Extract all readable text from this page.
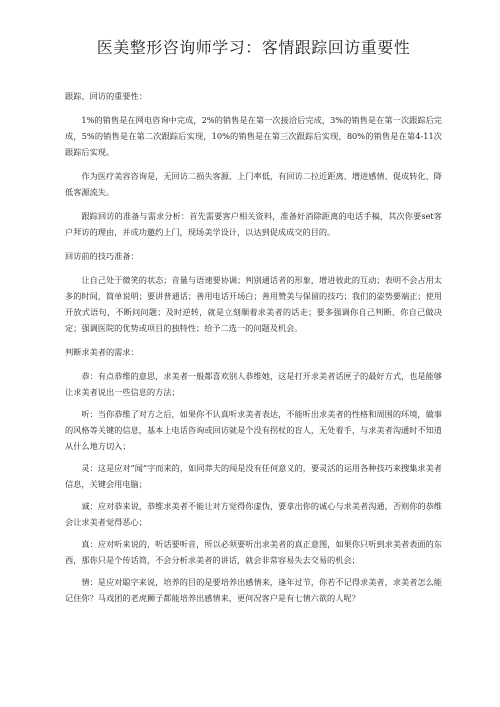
医美整形咨询师学习：客情跟踪回访重要性
跟踪、回访的重要性：

1%的销售是在网电咨询中完成，2%的销售是在第一次接洽后完成，3%的销售是在第一次跟踪后完成，5%的销售是在第二次跟踪后实现，10%的销售是在第三次跟踪后实现，80%的销售是在第4-11次跟踪后实现。

作为医疗美容咨询是，无回访二损失客源、上门率低，有回访二拉近距离、增进感情、促成转化、降低客源流失。

跟踪回访的准备与需求分析：首先需要客户相关资料，准备好消除距离的电话手稿，其次你要set客户拜访的理由，并成功邀约上门，现场美学设计，以达到促成成交的目的。

回访前的技巧准备：

让自己处于微笑的状态；音量与语速要协调；判别通话者的形象，增进彼此的互动；表明不会占用太多的时间，简单说明；要讲普通话；善用电话开场白；善用赞美与保留的技巧；我们的姿势要端正；使用开放式语句，不断问问题；及时逆转，就是立刻顺着求美者的话走；要多强调你自己判断、你自己做决定；强调医院的优势或项目的独特性；给予二选一的问题及机会。

判断求美者的需求：

恭：有点恭维的意思，求美者一般都喜欢别人恭维她，这是打开求美者话匣子的最好方式，也是能够让求美者说出一些信息的方法；

听：当你恭维了对方之后，如果你不认真听求美者表达，不能听出求美者的性格和周围的环境，做事的风格等关键的信息，基本上电话咨询或回访就是个没有拐杖的盲人，无处着手，与求美者沟通时不知道从什么地方切入；

灵：这是应对“闻”字而来的，如同莽夫的闯是没有任何意义的，要灵活的运用各种技巧来搜集求美者信息，关键会用电脑；

诚：应对恭来说，恭维求美者不能让对方觉得你虚伪，要拿出你的诚心与求美者沟通，否则你的恭维会让求美者觉得恶心；

真：应对听来说的，听话要听音，所以必须要听出求美者的真正意图，如果你只听到求美者表面的东西，那你只是个传话筒，不会分析求美者的讲话，就会非常容易失去交易的机会；

情：是应对聪字来说，培养的目的是要培养出感情来，逢年过节，你若不记得求美者，求美者怎么能记住你？马戏团的老虎狮子都能培养出感情来，更何况客户是有七情六欲的人呢？
